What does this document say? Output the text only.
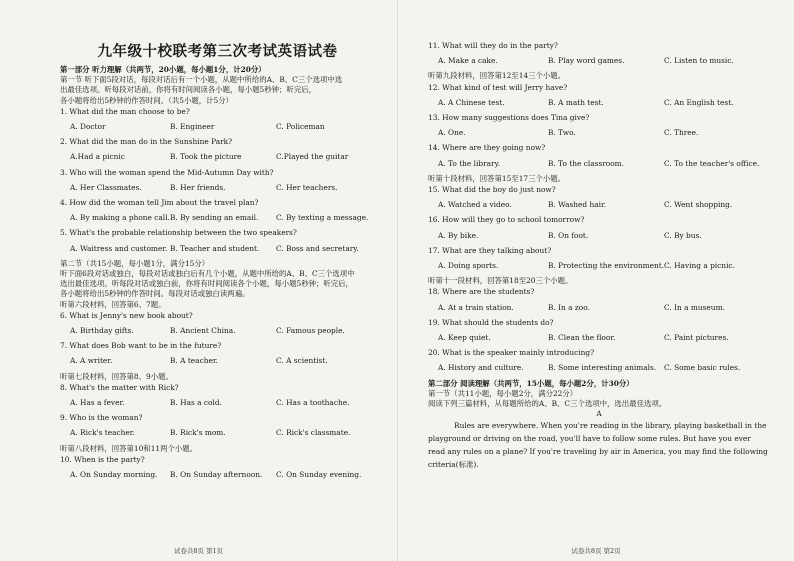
九年级十校联考第三次考试英语试卷
第一部分 听力理解（共两节，20小题，每小题1分，计20分）
第一节 听下面5段对话，每段对话后有一个小题，从题中所给的A、B、C三个选项中选
出最佳选项。听每段对话前，你将有时间阅读各小题，每小题5秒钟；听完后，
各小题将给出5秒钟的作答时间。（共5小题，计5分）
1. What did the man choose to be?
A. Doctor	B. Engineer	C. Policeman
2. What did the man do in the Sunshine Park?
A.Had a picnic	B. Took the picture	C.Played the guitar
3. Who will the woman spend the Mid-Autumn Day with?
A. Her Classmates.	B. Her friends.	C. Her teachers.
4. How did the woman tell Jim about the travel plan?
A. By making a phone call. B. By sending an email.	C. By texting a message.
5. What's the probable relationship between the two speakers?
A. Waitress and customer. B. Teacher and student.	C. Boss and secretary.
第二节（共15小题，每小题1分，满分15分）
听下面6段对话或独白，每段对话或独白后有几个小题，从题中所给的A、B、C三个选项中
选出最佳选项。听每段对话或独白前，你将有时间阅读各个小题，每小题5秒钟；听完后，
各小题将给出5秒钟的作答时间。每段对话或独白读两遍。
听第六段材料，回答第6、7题。
6. What is Jenny's new book about?
A. Birthday gifts.	B. Ancient China.	C. Famous people.
7. What does Bob want to be in the future?
A. A writer.	B. A teacher.	C. A scientist.
听第七段材料，回答第8、9小题。
8. What's the matter with Rick?
A. Has a fever.	B. Has a cold.	C. Has a toothache.
9. Who is the woman?
A. Rick's teacher.	B. Rick's mom.	C. Rick's classmate.
听第八段材料，回答第10和11两个小题。
10. When is the party?
A. On Sunday morning.	B. On Sunday afternoon.	C. On Sunday evening.
试卷共8页 第1页
11. What will they do in the party?
A. Make a cake.	B. Play word games.	C. Listen to music.
听第九段材料，回答第12至14三个小题。
12. What kind of test will Jerry have?
A. A Chinese test.	B. A math test.	C. An English test.
13. How many suggestions does Tina give?
A. One.	B. Two.	C. Three.
14. Where are they going now?
A. To the library.	B. To the classroom.	C. To the teacher's office.
听第十段材料，回答第15至17三个小题。
15. What did the boy do just now?
A. Watched a video.	B. Washed hair.	C. Went shopping.
16. How will they go to school tomorrow?
A. By bike.	B. On foot.	C. By bus.
17. What are they talking about?
A. Doing sports.	B. Protecting the environment. C. Having a picnic.
听第十一段材料，回答第18至20三个小题。
18. Where are the students?
A. At a train station.	B. In a zoo.	C. In a museum.
19. What should the students do?
A. Keep quiet.	B. Clean the floor.	C. Paint pictures.
20. What is the speaker mainly introducing?
A. History and culture.	B. Some interesting animals.	C. Some basic rules.
第二部分 阅读理解（共两节，15小题，每小题2分，计30分）
第一节（共11小题，每小题2分，满分22分）
阅读下列三篇材料，从每题所给的A、B、C三个选项中，选出最佳选项。
A
Rules are everywhere. When you're reading in the library, playing basketball in the playground or driving on the road, you'll have to follow some rules. But have you ever read any rules on a plane? If you're traveling by air in America, you may find the following criteria(标准).
试卷共8页 第2页
